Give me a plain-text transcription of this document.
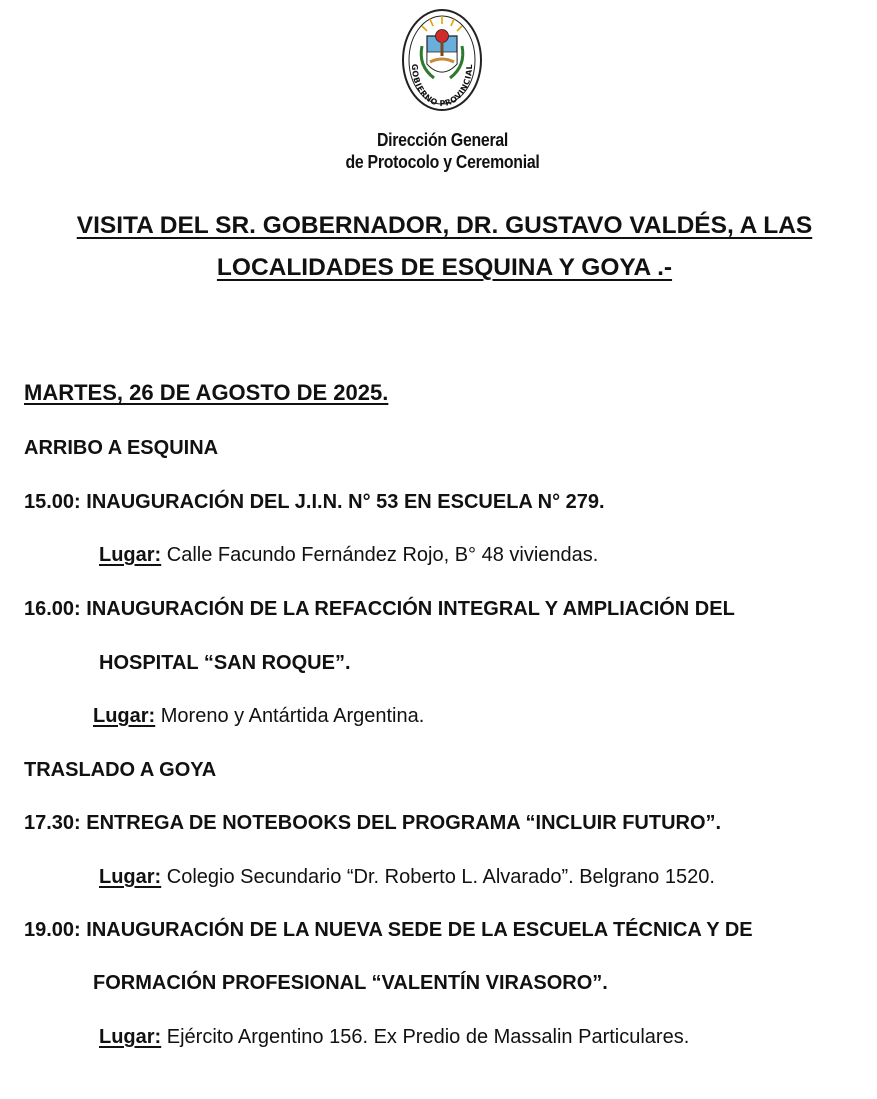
GOBIERNO PROVINCIAL
Dirección General
de Protocolo y Ceremonial
VISITA DEL SR. GOBERNADOR, DR. GUSTAVO VALDÉS, A LAS
LOCALIDADES DE ESQUINA Y GOYA .-
MARTES, 26 DE AGOSTO DE 2025.
ARRIBO A ESQUINA
15.00: INAUGURACIÓN DEL J.I.N. N° 53 EN ESCUELA N° 279.
Lugar: Calle Facundo Fernández Rojo, B° 48 viviendas.
16.00: INAUGURACIÓN DE LA REFACCIÓN INTEGRAL Y AMPLIACIÓN DEL
HOSPITAL “SAN ROQUE”.
Lugar: Moreno y Antártida Argentina.
TRASLADO A GOYA
17.30: ENTREGA DE NOTEBOOKS DEL PROGRAMA “INCLUIR FUTURO”.
Lugar: Colegio Secundario “Dr. Roberto L. Alvarado”. Belgrano 1520.
19.00: INAUGURACIÓN DE LA NUEVA SEDE DE LA ESCUELA TÉCNICA Y DE
FORMACIÓN PROFESIONAL “VALENTÍN VIRASORO”.
Lugar: Ejército Argentino 156. Ex Predio de Massalin Particulares.
